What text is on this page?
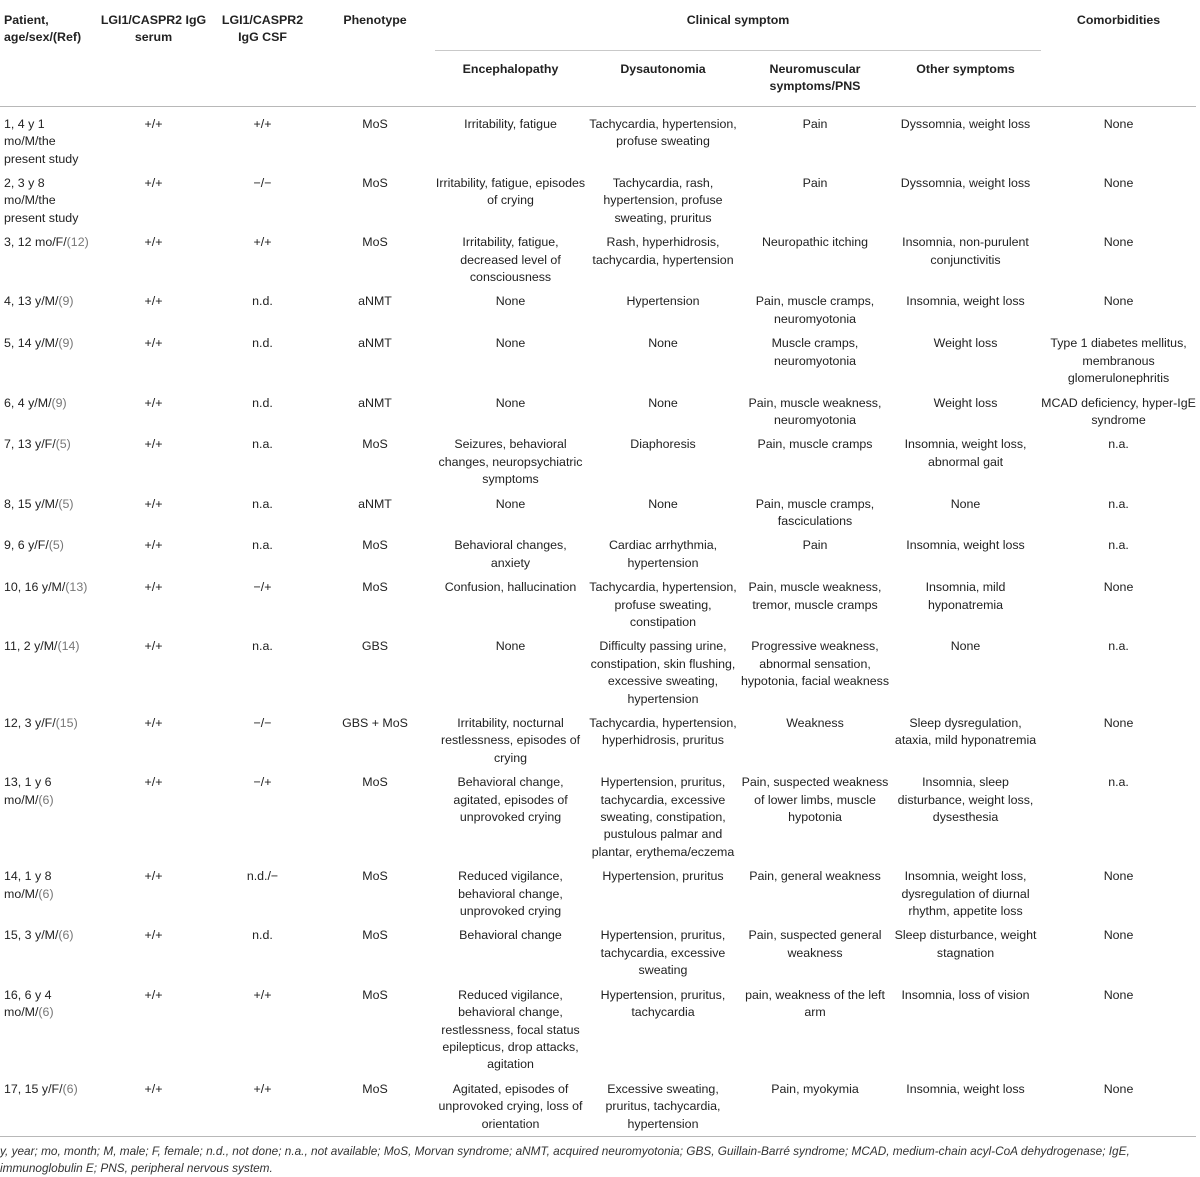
Patient, age/sex/(Ref)	LGI1/CASPR2 IgG serum	LGI1/CASPR2 IgG CSF	Phenotype	Clinical symptom				Comorbidities
				Encephalopathy	Dysautonomia	Neuromuscular symptoms/PNS	Other symptoms	
1, 4 y 1 mo/M/the present study	+/+	+/+	MoS	Irritability, fatigue	Tachycardia, hypertension, profuse sweating	Pain	Dyssomnia, weight loss	None
2, 3 y 8 mo/M/the present study	+/+	−/−	MoS	Irritability, fatigue, episodes of crying	Tachycardia, rash, hypertension, profuse sweating, pruritus	Pain	Dyssomnia, weight loss	None
3, 12 mo/F/(12)	+/+	+/+	MoS	Irritability, fatigue, decreased level of consciousness	Rash, hyperhidrosis, tachycardia, hypertension	Neuropathic itching	Insomnia, non-purulent conjunctivitis	None
4, 13 y/M/(9)	+/+	n.d.	aNMT	None	Hypertension	Pain, muscle cramps, neuromyotonia	Insomnia, weight loss	None
5, 14 y/M/(9)	+/+	n.d.	aNMT	None	None	Muscle cramps, neuromyotonia	Weight loss	Type 1 diabetes mellitus, membranous glomerulonephritis
6, 4 y/M/(9)	+/+	n.d.	aNMT	None	None	Pain, muscle weakness, neuromyotonia	Weight loss	MCAD deficiency, hyper-IgE syndrome
7, 13 y/F/(5)	+/+	n.a.	MoS	Seizures, behavioral changes, neuropsychiatric symptoms	Diaphoresis	Pain, muscle cramps	Insomnia, weight loss, abnormal gait	n.a.
8, 15 y/M/(5)	+/+	n.a.	aNMT	None	None	Pain, muscle cramps, fasciculations	None	n.a.
9, 6 y/F/(5)	+/+	n.a.	MoS	Behavioral changes, anxiety	Cardiac arrhythmia, hypertension	Pain	Insomnia, weight loss	n.a.
10, 16 y/M/(13)	+/+	−/+	MoS	Confusion, hallucination	Tachycardia, hypertension, profuse sweating, constipation	Pain, muscle weakness, tremor, muscle cramps	Insomnia, mild hyponatremia	None
11, 2 y/M/(14)	+/+	n.a.	GBS	None	Difficulty passing urine, constipation, skin flushing, excessive sweating, hypertension	Progressive weakness, abnormal sensation, hypotonia, facial weakness	None	n.a.
12, 3 y/F/(15)	+/+	−/−	GBS + MoS	Irritability, nocturnal restlessness, episodes of crying	Tachycardia, hypertension, hyperhidrosis, pruritus	Weakness	Sleep dysregulation, ataxia, mild hyponatremia	None
13, 1 y 6 mo/M/(6)	+/+	−/+	MoS	Behavioral change, agitated, episodes of unprovoked crying	Hypertension, pruritus, tachycardia, excessive sweating, constipation, pustulous palmar and plantar, erythema/eczema	Pain, suspected weakness of lower limbs, muscle hypotonia	Insomnia, sleep disturbance, weight loss, dysesthesia	n.a.
14, 1 y 8 mo/M/(6)	+/+	n.d./−	MoS	Reduced vigilance, behavioral change, unprovoked crying	Hypertension, pruritus	Pain, general weakness	Insomnia, weight loss, dysregulation of diurnal rhythm, appetite loss	None
15, 3 y/M/(6)	+/+	n.d.	MoS	Behavioral change	Hypertension, pruritus, tachycardia, excessive sweating	Pain, suspected general weakness	Sleep disturbance, weight stagnation	None
16, 6 y 4 mo/M/(6)	+/+	+/+	MoS	Reduced vigilance, behavioral change, restlessness, focal status epilepticus, drop attacks, agitation	Hypertension, pruritus, tachycardia	pain, weakness of the left arm	Insomnia, loss of vision	None
17, 15 y/F/(6)	+/+	+/+	MoS	Agitated, episodes of unprovoked crying, loss of orientation	Excessive sweating, pruritus, tachycardia, hypertension	Pain, myokymia	Insomnia, weight loss	None
y, year; mo, month; M, male; F, female; n.d., not done; n.a., not available; MoS, Morvan syndrome; aNMT, acquired neuromyotonia; GBS, Guillain-Barré syndrome; MCAD, medium-chain acyl-CoA dehydrogenase; IgE, immunoglobulin E; PNS, peripheral nervous system.								
